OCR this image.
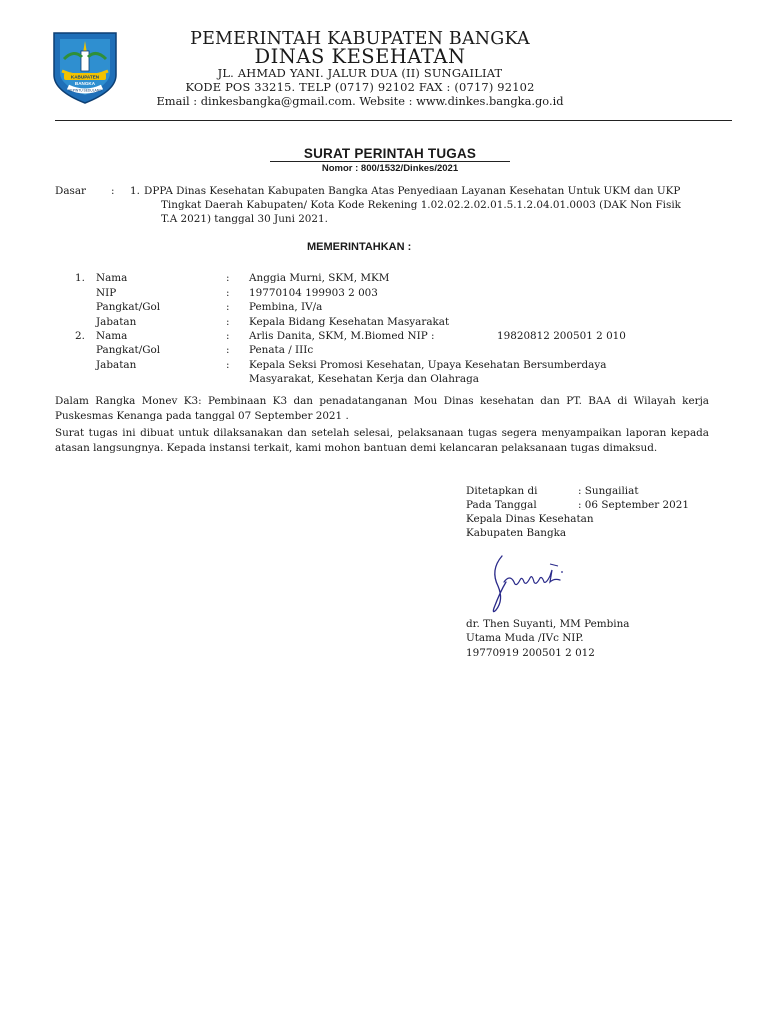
KABUPATEN
BANGKA
SEPINTU SEDULANG
PEMERINTAH KABUPATEN BANGKA
DINAS KESEHATAN
JL. AHMAD YANI. JALUR DUA (II) SUNGAILIAT
KODE POS 33215. TELP (0717) 92102 FAX : (0717) 92102
Email : dinkesbangka@gmail.com. Website : www.dinkes.bangka.go.id
SURAT PERINTAH TUGAS
Nomor : 800/1532/Dinkes/2021
Dasar : 1. DPPA Dinas Kesehatan Kabupaten Bangka Atas Penyediaan Layanan Kesehatan Untuk UKM dan UKP
Tingkat Daerah Kabupaten/ Kota Kode Rekening 1.02.02.2.02.01.5.1.2.04.01.0003 (DAK Non Fisik
T.A 2021) tanggal 30 Juni 2021.
MEMERINTAHKAN :
1. Nama	: Anggia Murni, SKM, MKM
NIP	: 19770104 199903 2 003
Pangkat/Gol	: Pembina, IV/a
Jabatan	: Kepala Bidang Kesehatan Masyarakat
2. Nama	: Arlis Danita, SKM, M.Biomed NIP :	19820812 200501 2 010
Pangkat/Gol	: Penata / IIIc
Jabatan	: Kepala Seksi Promosi Kesehatan, Upaya Kesehatan Bersumberdaya
Masyarakat, Kesehatan Kerja dan Olahraga
Dalam Rangka Monev K3: Pembinaan K3 dan penadatanganan Mou Dinas kesehatan dan PT. BAA di Wilayah kerja Puskesmas Kenanga pada tanggal 07 September 2021 .
Surat tugas ini dibuat untuk dilaksanakan dan setelah selesai, pelaksanaan tugas segera menyampaikan laporan kepada atasan langsungnya. Kepada instansi terkait, kami mohon bantuan demi kelancaran pelaksanaan tugas dimaksud.
Ditetapkan di	: Sungailiat
Pada Tanggal	: 06 September 2021
Kepala Dinas Kesehatan
Kabupaten Bangka
dr. Then Suyanti, MM Pembina
Utama Muda /IVc NIP.
19770919 200501 2 012
